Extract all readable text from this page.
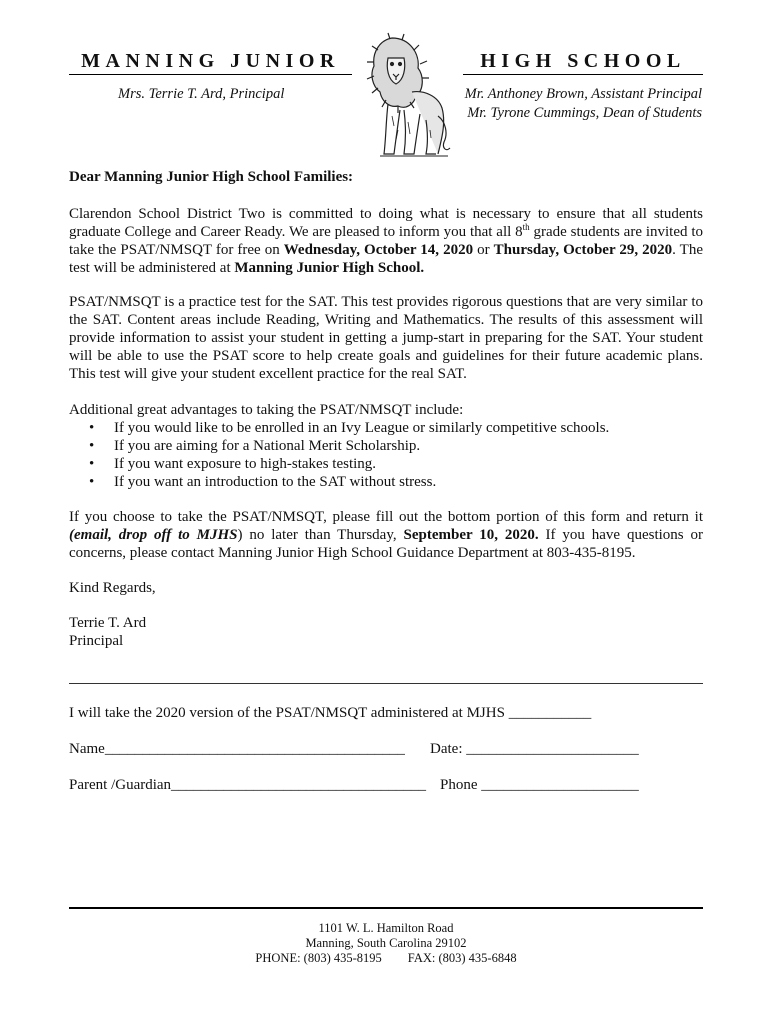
MANNING JUNIOR	HIGH SCHOOL
Mrs. Terrie T. Ard, Principal	Mr. Anthoney Brown, Assistant Principal
Mr. Tyrone Cummings, Dean of Students
Dear Manning Junior High School Families:
Clarendon School District Two is committed to doing what is necessary to ensure that all students graduate College and Career Ready. We are pleased to inform you that all 8th grade students are invited to take the PSAT/NMSQT for free on Wednesday, October 14, 2020 or Thursday, October 29, 2020. The test will be administered at Manning Junior High School.
PSAT/NMSQT is a practice test for the SAT. This test provides rigorous questions that are very similar to the SAT. Content areas include Reading, Writing and Mathematics. The results of this assessment will provide information to assist your student in getting a jump-start in preparing for the SAT. Your student will be able to use the PSAT score to help create goals and guidelines for their future academic plans. This test will give your student excellent practice for the real SAT.
Additional great advantages to taking the PSAT/NMSQT include:
• If you would like to be enrolled in an Ivy League or similarly competitive schools.
• If you are aiming for a National Merit Scholarship.
• If you want exposure to high-stakes testing.
• If you want an introduction to the SAT without stress.
If you choose to take the PSAT/NMSQT, please fill out the bottom portion of this form and return it (email, drop off to MJHS) no later than Thursday, September 10, 2020. If you have questions or concerns, please contact Manning Junior High School Guidance Department at 803-435-8195.
Kind Regards,
Terrie T. Ard
Principal
I will take the 2020 version of the PSAT/NMSQT administered at MJHS ___________
Name________________________________________ Date: _______________________
Parent /Guardian__________________________________ Phone _____________________
1101 W. L. Hamilton Road
Manning, South Carolina 29102
PHONE: (803) 435-8195 FAX: (803) 435-6848
